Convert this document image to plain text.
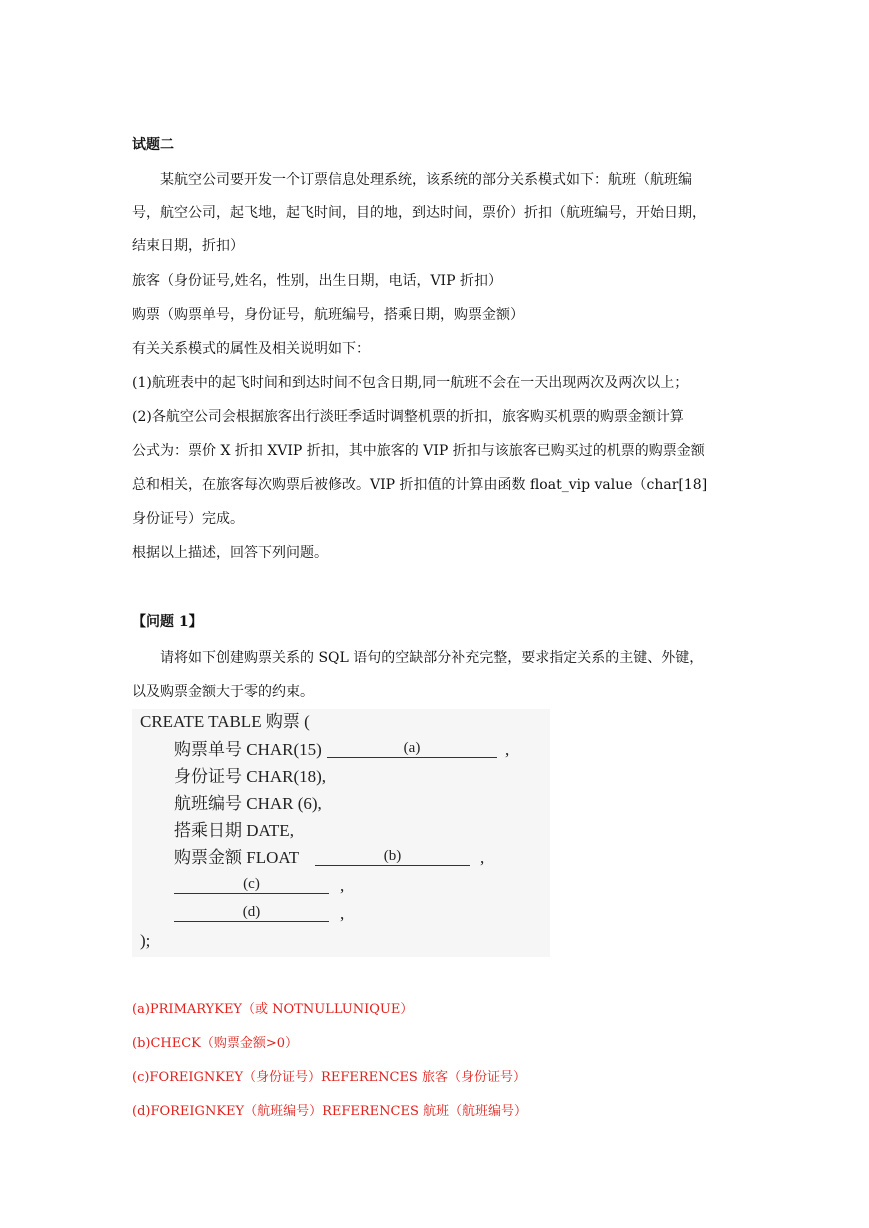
试题二
某航空公司要开发一个订票信息处理系统，该系统的部分关系模式如下：航班（航班编
号，航空公司，起飞地，起飞时间，目的地，到达时间，票价）折扣（航班编号，开始日期，
结束日期，折扣）
旅客（身份证号,姓名，性别，出生日期，电话，VIP 折扣）
购票（购票单号，身份证号，航班编号，搭乘日期，购票金额）
有关关系模式的属性及相关说明如下：
(1)航班表中的起飞时间和到达时间不包含日期,同一航班不会在一天出现两次及两次以上；
(2)各航空公司会根据旅客出行淡旺季适时调整机票的折扣，旅客购买机票的购票金额计算
公式为：票价 X 折扣 XVIP 折扣，其中旅客的 VIP 折扣与该旅客已购买过的机票的购票金额
总和相关，在旅客每次购票后被修改。VIP 折扣值的计算由函数 float_vip value（char[18]
身份证号）完成。
根据以上描述，回答下列问题。
【问题 1】
请将如下创建购票关系的 SQL 语句的空缺部分补充完整，要求指定关系的主键、外键，
以及购票金额大于零的约束。
CREATE TABLE 购票 (
购票单号 CHAR(15)	(a)	,
身份证号 CHAR(18),
航班编号 CHAR (6),
搭乘日期 DATE,
购票金额 FLOAT	(b)	,
(c)	,
(d)	,
);
(a)PRIMARYKEY（或 NOTNULLUNIQUE）
(b)CHECK（购票金额>0）
(c)FOREIGNKEY（身份证号）REFERENCES 旅客（身份证号）
(d)FOREIGNKEY（航班编号）REFERENCES 航班（航班编号）
